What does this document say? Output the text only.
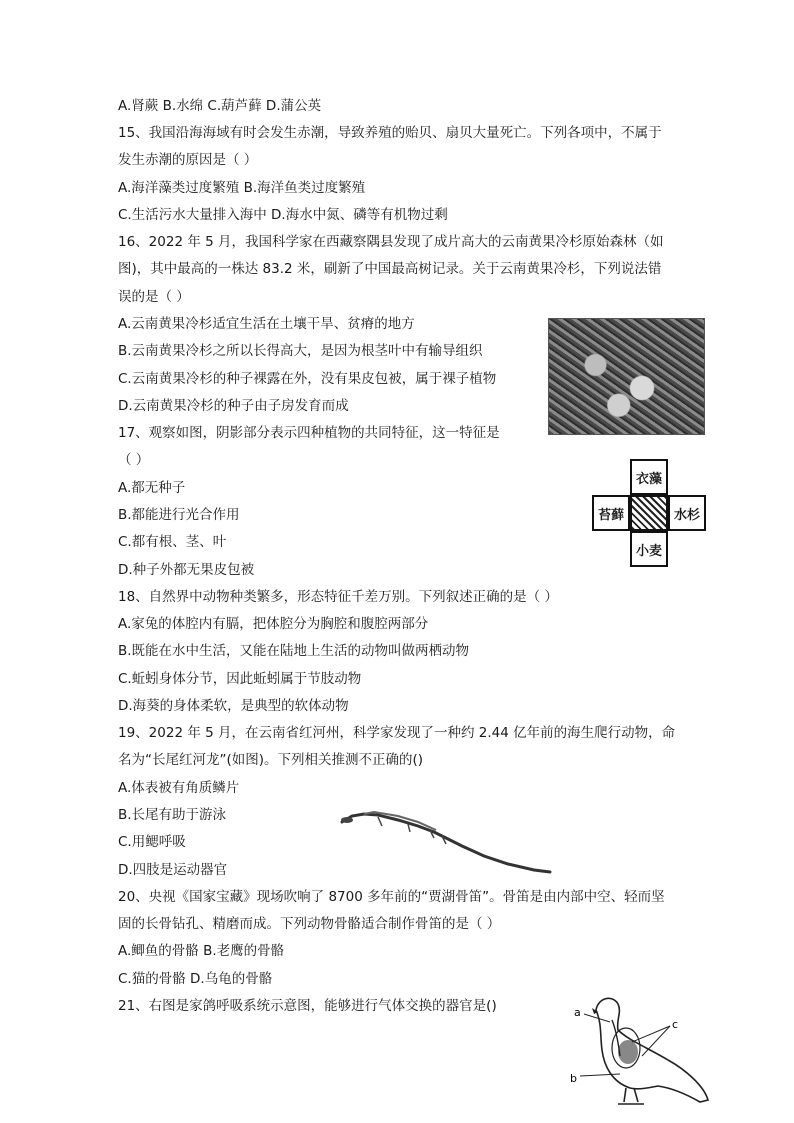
A.肾蕨 B.水绵 C.葫芦藓 D.蒲公英
15、我国沿海海域有时会发生赤潮，导致养殖的贻贝、扇贝大量死亡。下列各项中，不属于
发生赤潮的原因是（ ）
A.海洋藻类过度繁殖 B.海洋鱼类过度繁殖
C.生活污水大量排入海中 D.海水中氮、磷等有机物过剩
16、2022 年 5 月，我国科学家在西藏察隅县发现了成片高大的云南黄果冷杉原始森林（如
图)，其中最高的一株达 83.2 米，刷新了中国最高树记录。关于云南黄果冷杉，下列说法错
误的是（ ）
A.云南黄果冷杉适宜生活在土壤干旱、贫瘠的地方
B.云南黄果冷杉之所以长得高大，是因为根茎叶中有输导组织
C.云南黄果冷杉的种子裸露在外，没有果皮包被，属于裸子植物
D.云南黄果冷杉的种子由子房发育而成
17、观察如图，阴影部分表示四种植物的共同特征，这一特征是
（ ）
A.都无种子
B.都能进行光合作用
C.都有根、茎、叶
D.种子外都无果皮包被
18、自然界中动物种类繁多，形态特征千差万别。下列叙述正确的是（ ）
A.家兔的体腔内有膈，把体腔分为胸腔和腹腔两部分
B.既能在水中生活，又能在陆地上生活的动物叫做两栖动物
C.蚯蚓身体分节，因此蚯蚓属于节肢动物
D.海葵的身体柔软，是典型的软体动物
19、2022 年 5 月，在云南省红河州，科学家发现了一种约 2.44 亿年前的海生爬行动物，命
名为“长尾红河龙”(如图)。下列相关推测不正确的()
A.体表被有角质鳞片
B.长尾有助于游泳
C.用鳃呼吸
D.四肢是运动器官
20、央视《国家宝藏》现场吹响了 8700 多年前的“贾湖骨笛”。骨笛是由内部中空、轻而坚
固的长骨钻孔、精磨而成。下列动物骨骼适合制作骨笛的是（ ）
A.鲫鱼的骨骼 B.老鹰的骨骼
C.猫的骨骼 D.乌龟的骨骼
21、右图是家鸽呼吸系统示意图，能够进行气体交换的器官是()
衣藻
苔藓	水杉
小麦
a
c
b
